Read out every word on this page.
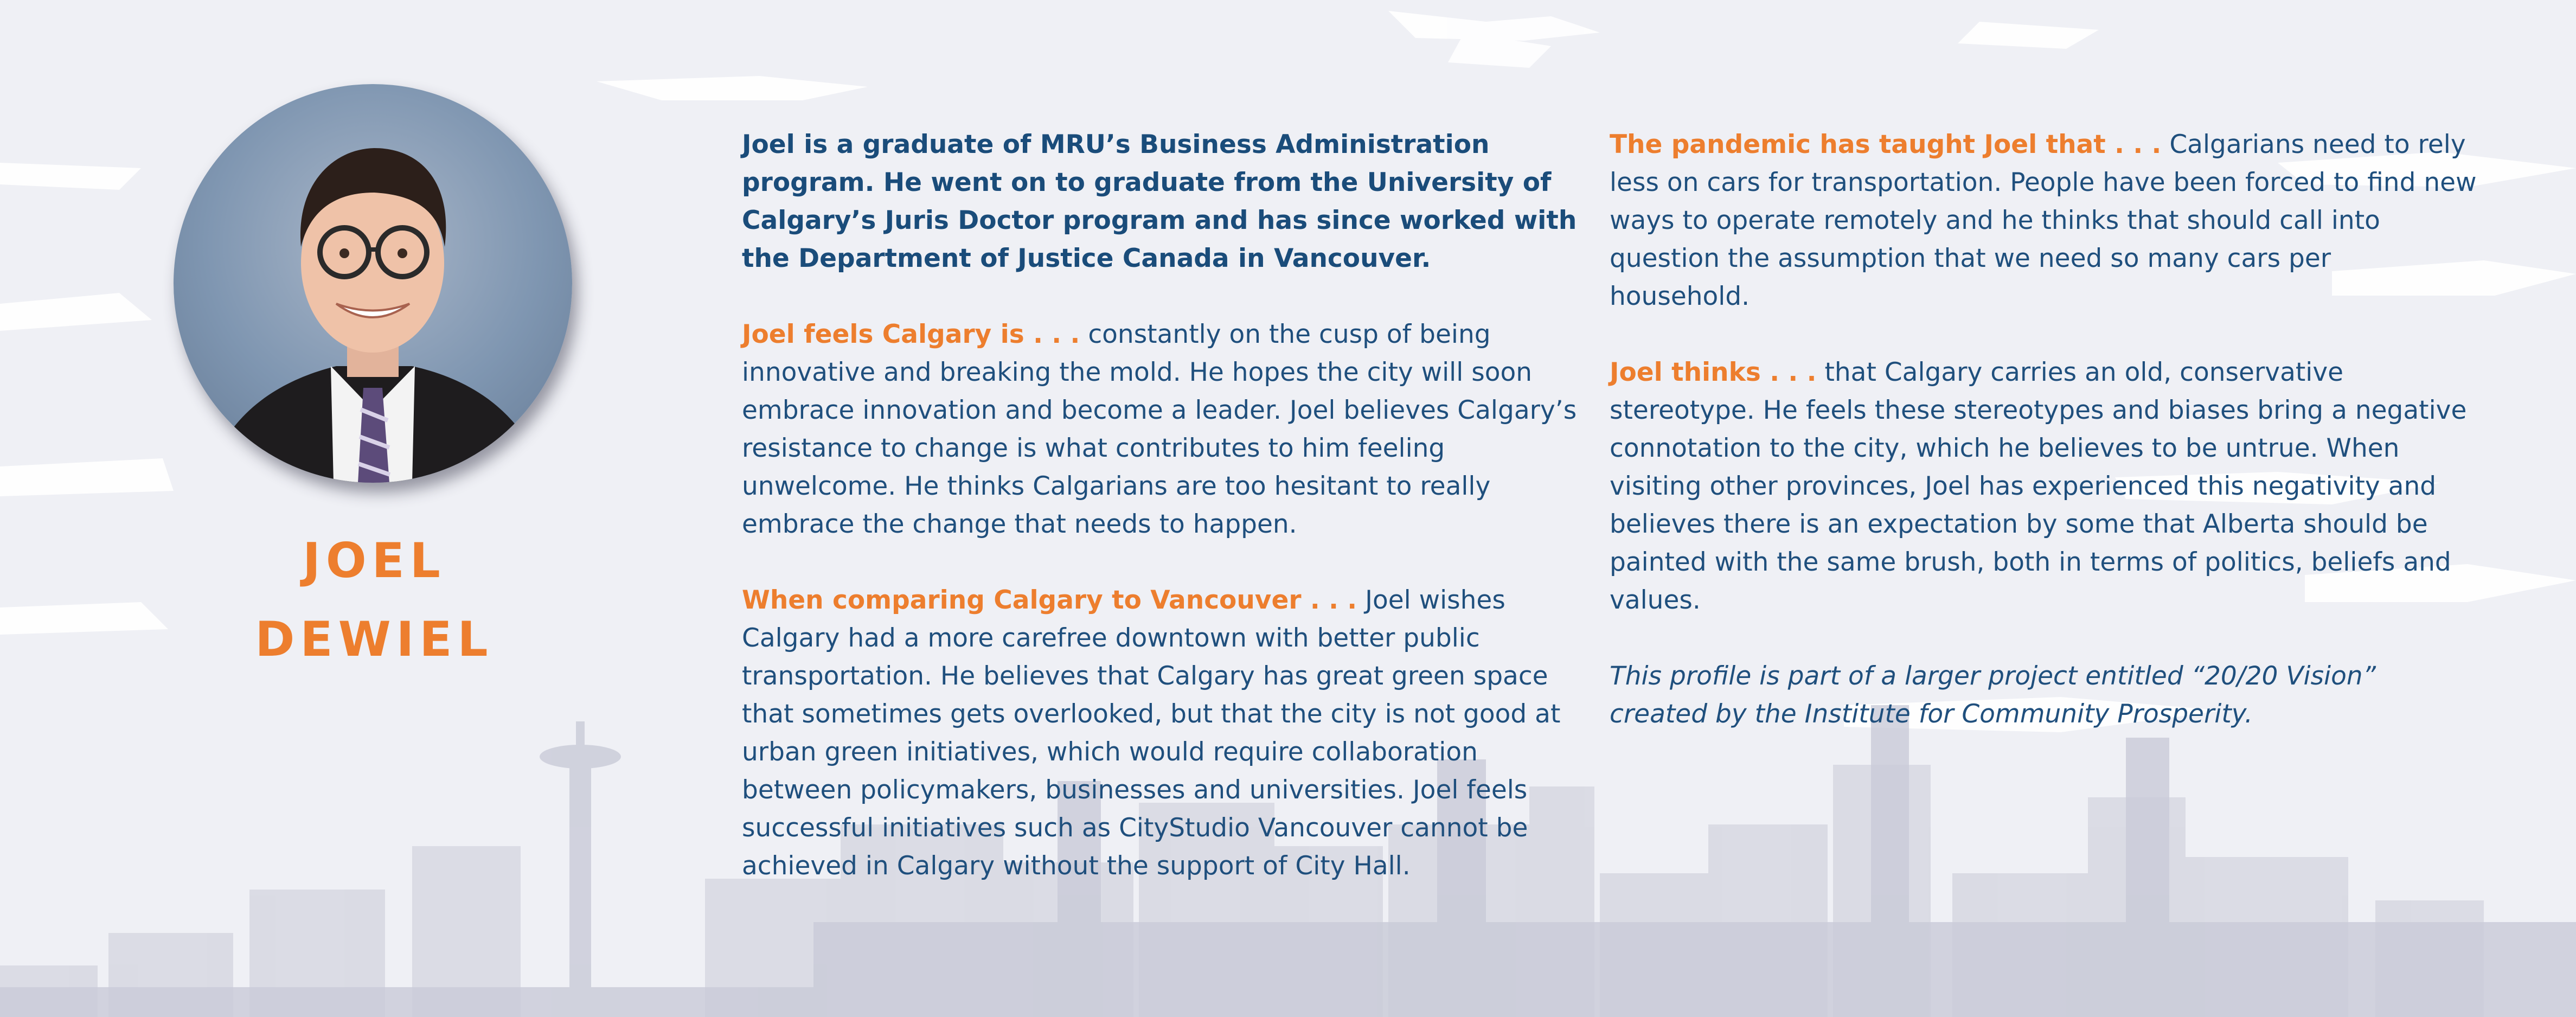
JOEL
DEWIEL

Joel is a graduate of MRU’s Business Administration program. He went on to graduate from the University of Calgary’s Juris Doctor program and has since worked with the Department of Justice Canada in Vancouver.

Joel feels Calgary is . . . constantly on the cusp of being innovative and breaking the mold. He hopes the city will soon embrace innovation and become a leader. Joel believes Calgary’s resistance to change is what contributes to him feeling unwelcome. He thinks Calgarians are too hesitant to really embrace the change that needs to happen.

When comparing Calgary to Vancouver . . . Joel wishes Calgary had a more carefree downtown with better public transportation. He believes that Calgary has great green space that sometimes gets overlooked, but that the city is not good at urban green initiatives, which would require collaboration between policymakers, businesses and universities. Joel feels successful initiatives such as CityStudio Vancouver cannot be achieved in Calgary without the support of City Hall.

The pandemic has taught Joel that . . . Calgarians need to rely less on cars for transportation. People have been forced to find new ways to operate remotely and he thinks that should call into question the assumption that we need so many cars per household.

Joel thinks . . . that Calgary carries an old, conservative stereotype. He feels these stereotypes and biases bring a negative connotation to the city, which he believes to be untrue. When visiting other provinces, Joel has experienced this negativity and believes there is an expectation by some that Alberta should be painted with the same brush, both in terms of politics, beliefs and values.

This profile is part of a larger project entitled “20/20 Vision” created by the Institute for Community Prosperity.
